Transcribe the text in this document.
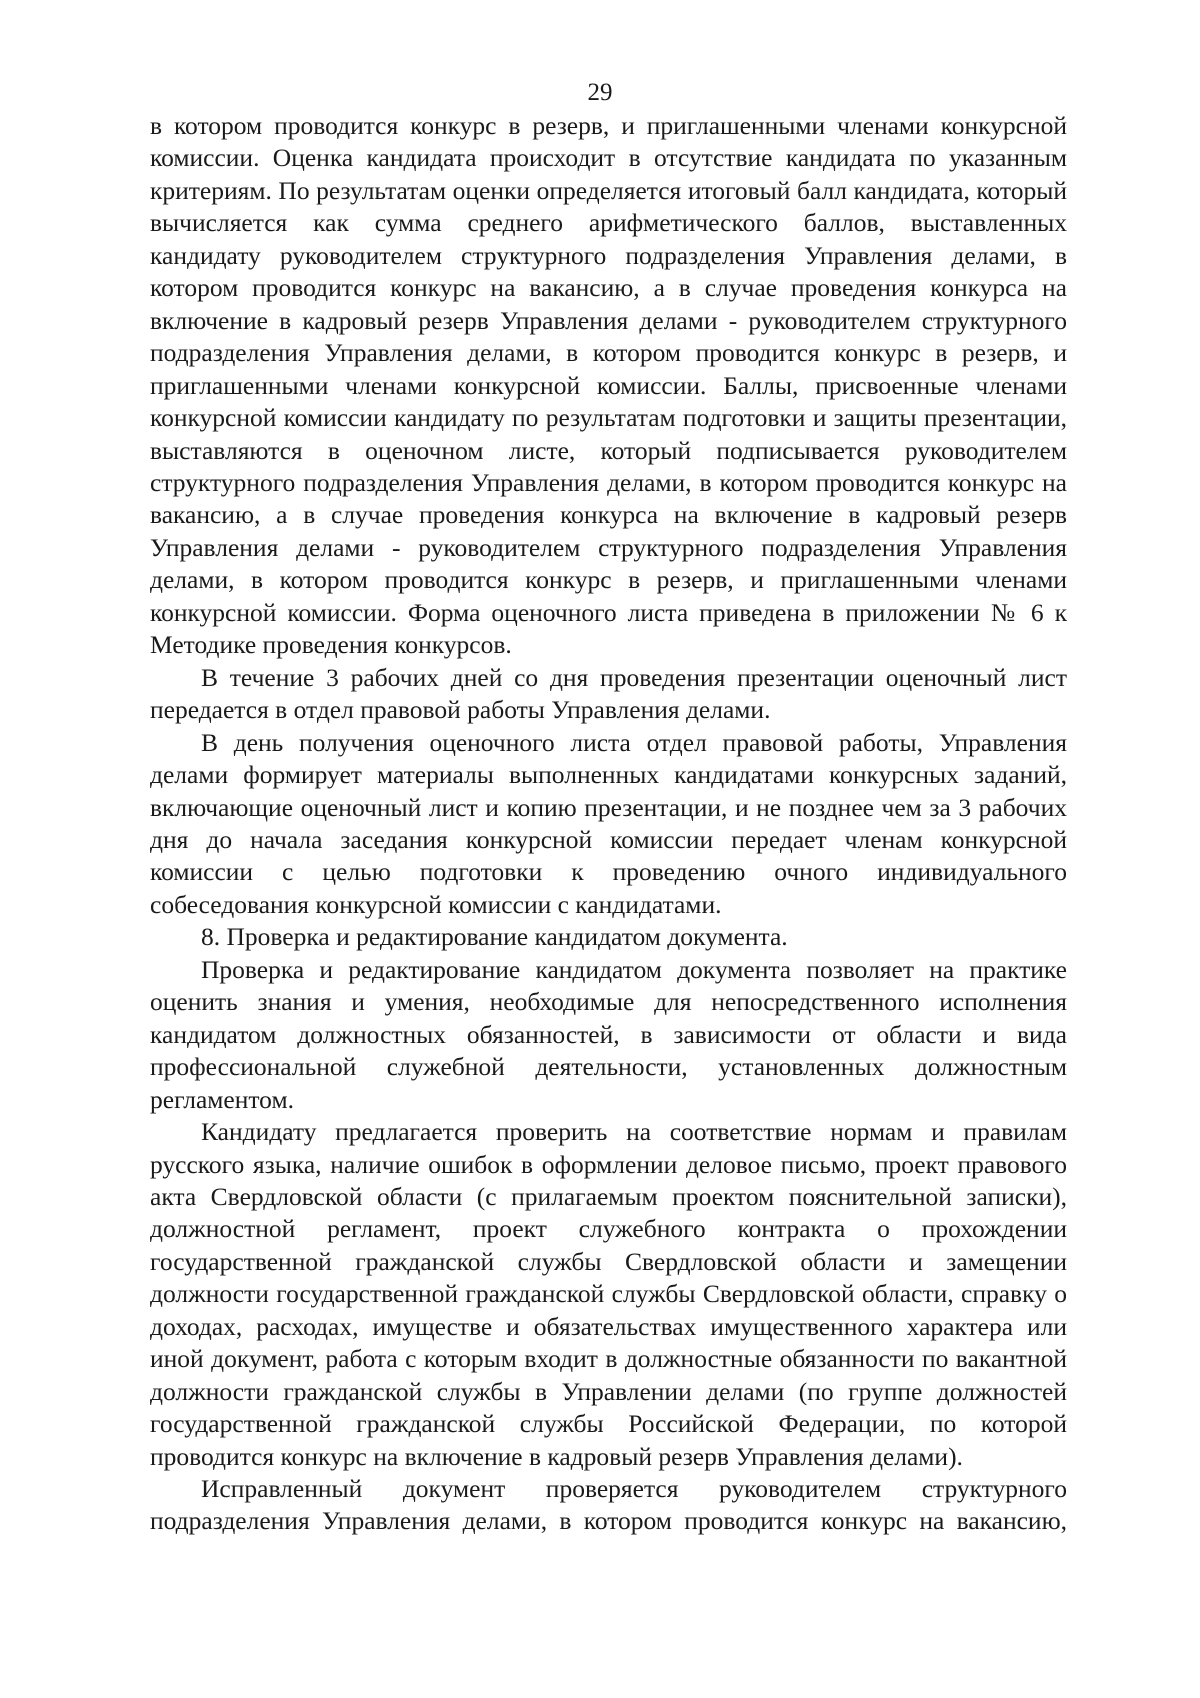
29

в котором проводится конкурс в резерв, и приглашенными членами конкурсной комиссии. Оценка кандидата происходит в отсутствие кандидата по указанным критериям. По результатам оценки определяется итоговый балл кандидата, который вычисляется как сумма среднего арифметического баллов, выставленных кандидату руководителем структурного подразделения Управления делами, в котором проводится конкурс на вакансию, а в случае проведения конкурса на включение в кадровый резерв Управления делами - руководителем структурного подразделения Управления делами, в котором проводится конкурс в резерв, и приглашенными членами конкурсной комиссии. Баллы, присвоенные членами конкурсной комиссии кандидату по результатам подготовки и защиты презентации, выставляются в оценочном листе, который подписывается руководителем структурного подразделения Управления делами, в котором проводится конкурс на вакансию, а в случае проведения конкурса на включение в кадровый резерв Управления делами - руководителем структурного подразделения Управления делами, в котором проводится конкурс в резерв, и приглашенными членами конкурсной комиссии. Форма оценочного листа приведена в приложении № 6 к Методике проведения конкурсов.

В течение 3 рабочих дней со дня проведения презентации оценочный лист передается в отдел правовой работы Управления делами.

В день получения оценочного листа отдел правовой работы, Управления делами формирует материалы выполненных кандидатами конкурсных заданий, включающие оценочный лист и копию презентации, и не позднее чем за 3 рабочих дня до начала заседания конкурсной комиссии передает членам конкурсной комиссии с целью подготовки к проведению очного индивидуального собеседования конкурсной комиссии с кандидатами.

8. Проверка и редактирование кандидатом документа.

Проверка и редактирование кандидатом документа позволяет на практике оценить знания и умения, необходимые для непосредственного исполнения кандидатом должностных обязанностей, в зависимости от области и вида профессиональной служебной деятельности, установленных должностным регламентом.

Кандидату предлагается проверить на соответствие нормам и правилам русского языка, наличие ошибок в оформлении деловое письмо, проект правового акта Свердловской области (с прилагаемым проектом пояснительной записки), должностной регламент, проект служебного контракта о прохождении государственной гражданской службы Свердловской области и замещении должности государственной гражданской службы Свердловской области, справку о доходах, расходах, имуществе и обязательствах имущественного характера или иной документ, работа с которым входит в должностные обязанности по вакантной должности гражданской службы в Управлении делами (по группе должностей государственной гражданской службы Российской Федерации, по которой проводится конкурс на включение в кадровый резерв Управления делами).

Исправленный документ проверяется руководителем структурного подразделения Управления делами, в котором проводится конкурс на вакансию,
